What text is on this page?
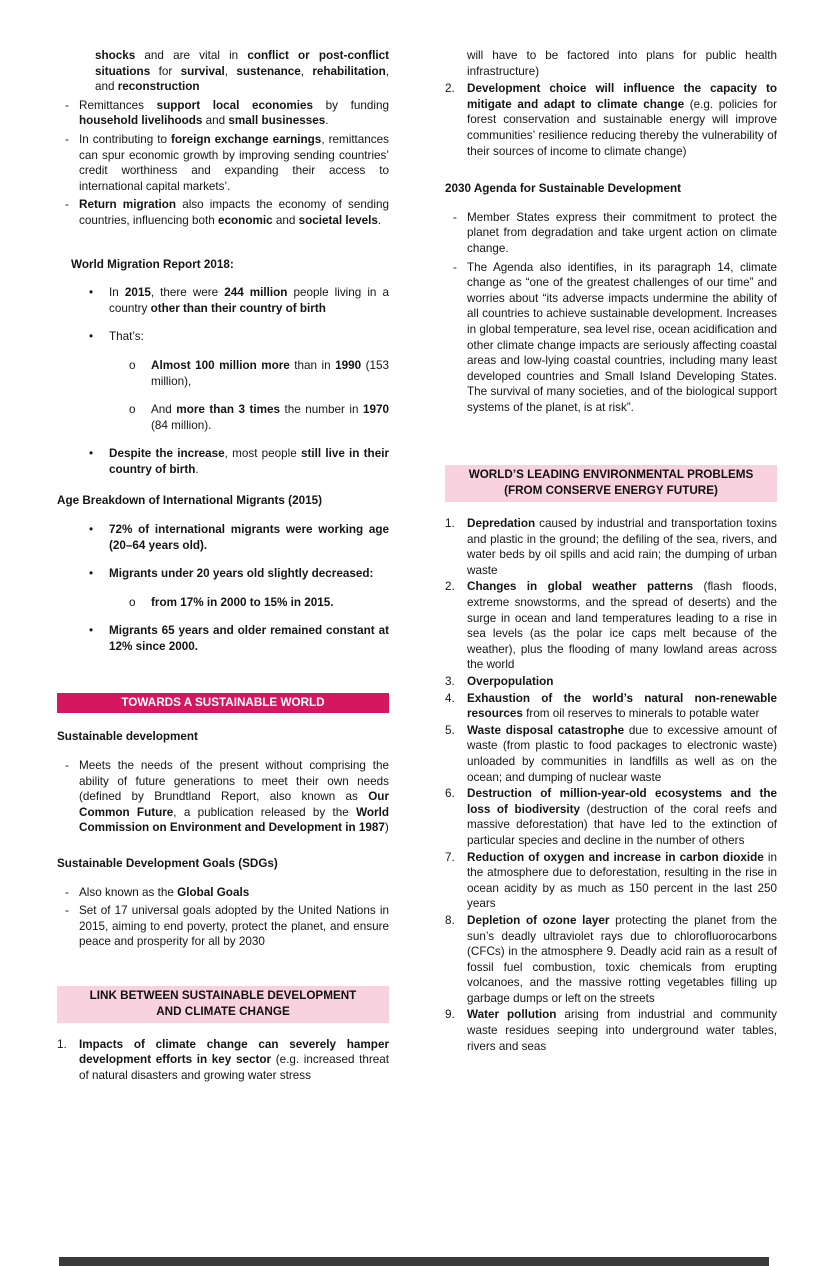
shocks and are vital in conflict or post-conflict situations for survival, sustenance, rehabilitation, and reconstruction
- Remittances support local economies by funding household livelihoods and small businesses.
- In contributing to foreign exchange earnings, remittances can spur economic growth by improving sending countries’ credit worthiness and expanding their access to international capital markets’.
- Return migration also impacts the economy of sending countries, influencing both economic and societal levels.
World Migration Report 2018:
•	In 2015, there were 244 million people living in a country other than their country of birth
•	That’s:
o	Almost 100 million more than in 1990 (153 million),
o	And more than 3 times the number in 1970 (84 million).
•	Despite the increase, most people still live in their country of birth.
Age Breakdown of International Migrants (2015)
•	72% of international migrants were working age (20–64 years old).
•	Migrants under 20 years old slightly decreased:
o	from 17% in 2000 to 15% in 2015.
•	Migrants 65 years and older remained constant at 12% since 2000.
TOWARDS A SUSTAINABLE WORLD
Sustainable development
- Meets the needs of the present without comprising the ability of future generations to meet their own needs (defined by Brundtland Report, also known as Our Common Future, a publication released by the World Commission on Environment and Development in 1987)
Sustainable Development Goals (SDGs)
- Also known as the Global Goals
- Set of 17 universal goals adopted by the United Nations in 2015, aiming to end poverty, protect the planet, and ensure peace and prosperity for all by 2030
LINK BETWEEN SUSTAINABLE DEVELOPMENT
AND CLIMATE CHANGE
1.	Impacts of climate change can severely hamper development efforts in key sector (e.g. increased threat of natural disasters and growing water stress
will have to be factored into plans for public health infrastructure)
2.	Development choice will influence the capacity to mitigate and adapt to climate change (e.g. policies for forest conservation and sustainable energy will improve communities’ resilience reducing thereby the vulnerability of their sources of income to climate change)
2030 Agenda for Sustainable Development
- Member States express their commitment to protect the planet from degradation and take urgent action on climate change.
- The Agenda also identifies, in its paragraph 14, climate change as “one of the greatest challenges of our time” and worries about “its adverse impacts undermine the ability of all countries to achieve sustainable development. Increases in global temperature, sea level rise, ocean acidification and other climate change impacts are seriously affecting coastal areas and low-lying coastal countries, including many least developed countries and Small Island Developing States. The survival of many societies, and of the biological support systems of the planet, is at risk”.
WORLD’S LEADING ENVIRONMENTAL PROBLEMS
(FROM CONSERVE ENERGY FUTURE)
1.	Depredation caused by industrial and transportation toxins and plastic in the ground; the defiling of the sea, rivers, and water beds by oil spills and acid rain; the dumping of urban waste
2.	Changes in global weather patterns (flash floods, extreme snowstorms, and the spread of deserts) and the surge in ocean and land temperatures leading to a rise in sea levels (as the polar ice caps melt because of the weather), plus the flooding of many lowland areas across the world
3.	Overpopulation
4.	Exhaustion of the world’s natural non-renewable resources from oil reserves to minerals to potable water
5.	Waste disposal catastrophe due to excessive amount of waste (from plastic to food packages to electronic waste) unloaded by communities in landfills as well as on the ocean; and dumping of nuclear waste
6.	Destruction of million-year-old ecosystems and the loss of biodiversity (destruction of the coral reefs and massive deforestation) that have led to the extinction of particular species and decline in the number of others
7.	Reduction of oxygen and increase in carbon dioxide in the atmosphere due to deforestation, resulting in the rise in ocean acidity by as much as 150 percent in the last 250 years
8.	Depletion of ozone layer protecting the planet from the sun’s deadly ultraviolet rays due to chlorofluorocarbons (CFCs) in the atmosphere 9. Deadly acid rain as a result of fossil fuel combustion, toxic chemicals from erupting volcanoes, and the massive rotting vegetables filling up garbage dumps or left on the streets
9.	Water pollution arising from industrial and community waste residues seeping into underground water tables, rivers and seas
